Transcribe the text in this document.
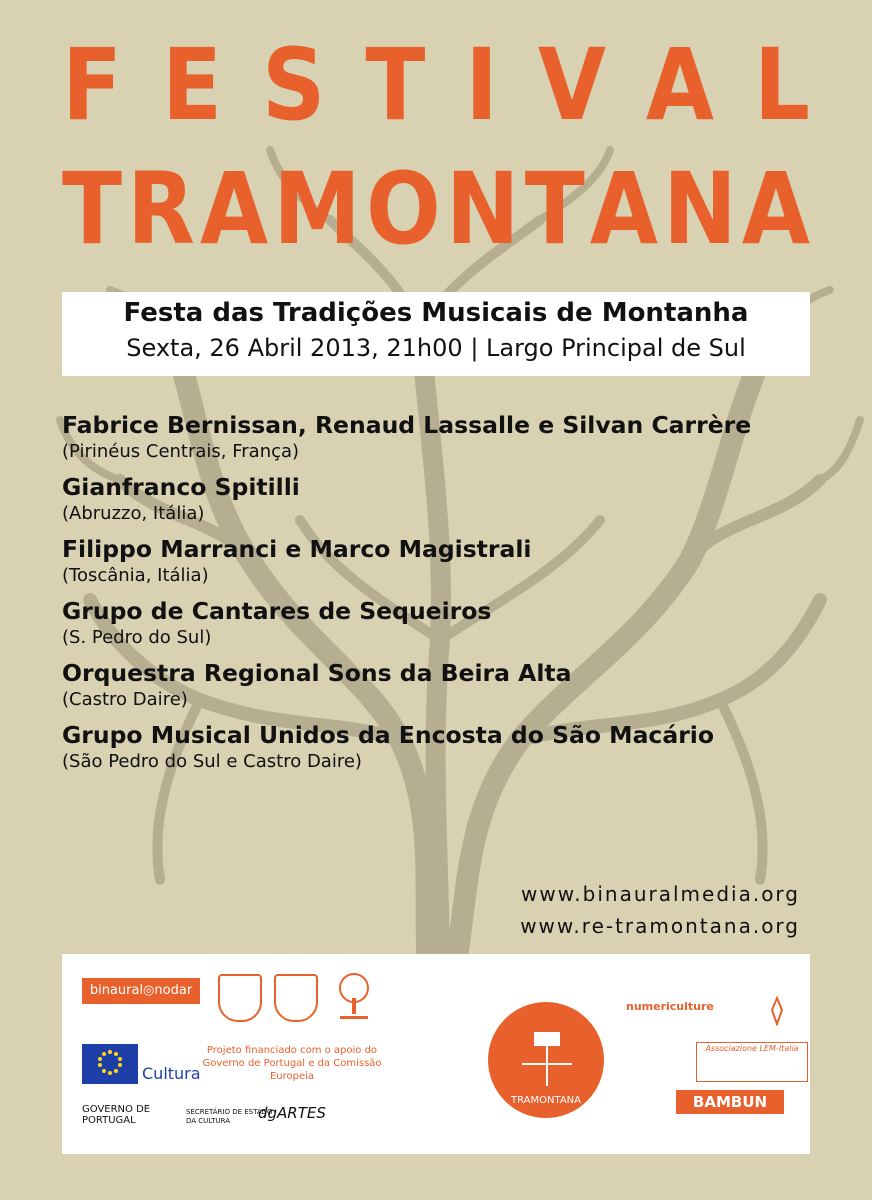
F E S T I V A L
T R A M O N T A N A
Festa das Tradições Musicais de Montanha
Sexta, 26 Abril 2013, 21h00 | Largo Principal de Sul
Fabrice Bernissan, Renaud Lassalle e Silvan Carrère
(Pirinéus Centrais, França)
Gianfranco Spitilli
(Abruzzo, Itália)
Filippo Marranci e Marco Magistrali
(Toscânia, Itália)
Grupo de Cantares de Sequeiros
(S. Pedro do Sul)
Orquestra Regional Sons da Beira Alta
(Castro Daire)
Grupo Musical Unidos da Encosta do São Macário
(São Pedro do Sul e Castro Daire)
www.binauralmedia.org
www.re-tramontana.org
binaural◎nodar
Cultura
Projeto financiado com o apoio do Governo de Portugal e da Comissão Europeia
GOVERNO DE
PORTUGAL
SECRETÁRIO DE ESTADO
DA CULTURA	dgARTES
TRAMONTANA
numericulture
Associazione LEM-Italia
BAMBUN
